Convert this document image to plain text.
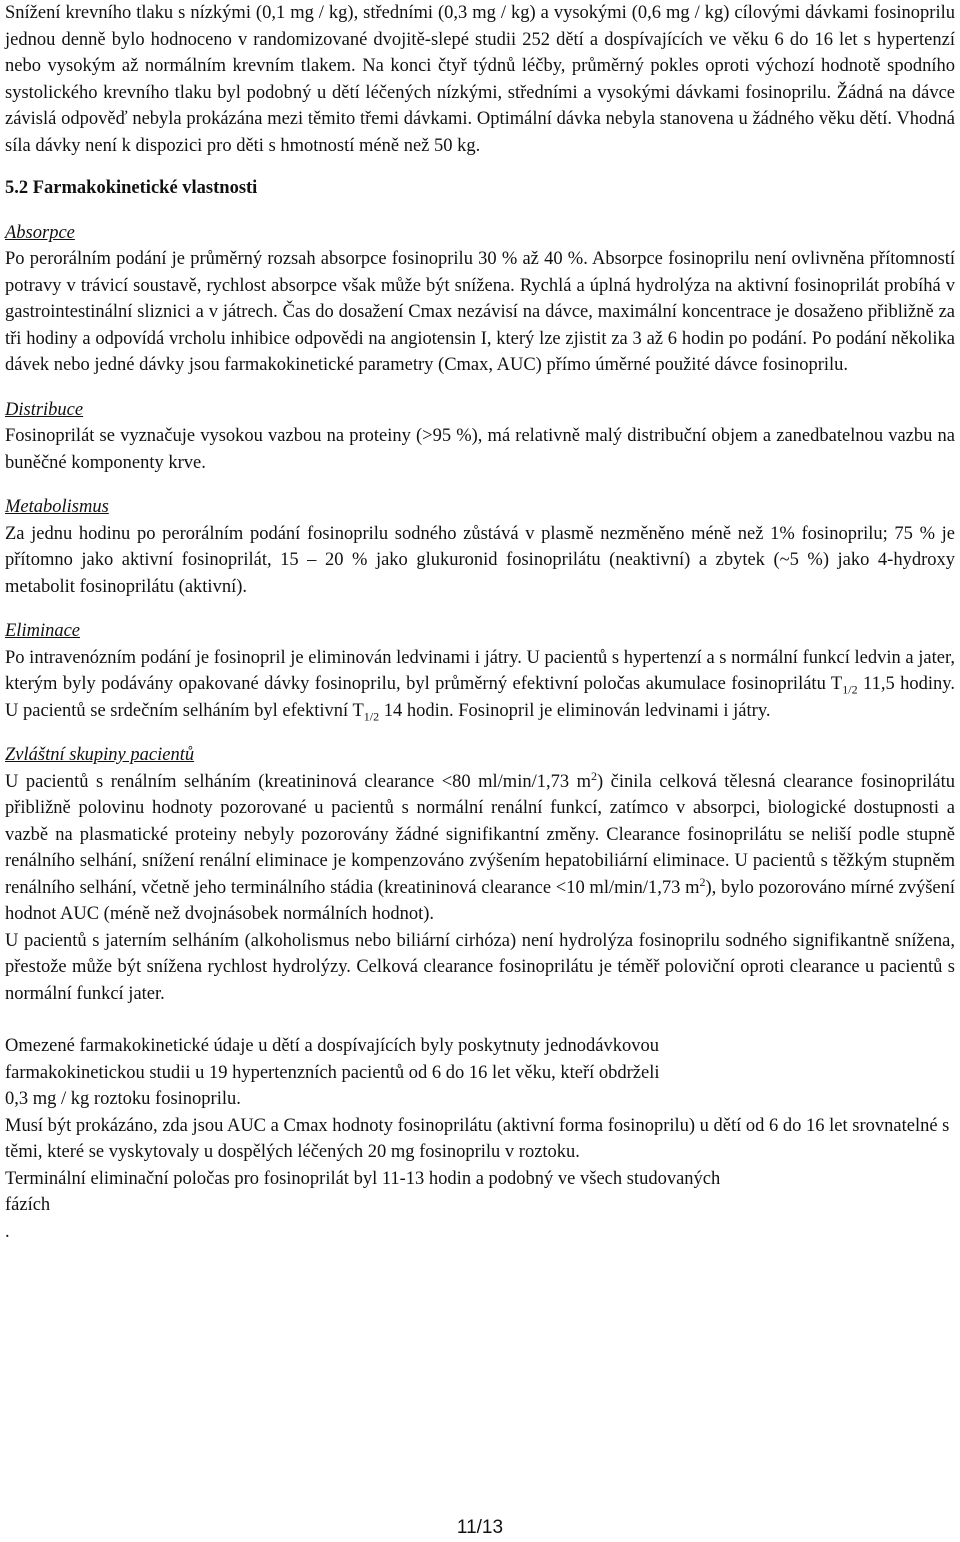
Snížení krevního tlaku s nízkými (0,1 mg / kg), středními (0,3 mg / kg) a vysokými (0,6 mg / kg) cílovými dávkami fosinoprilu jednou denně bylo hodnoceno v randomizované dvojitě-slepé studii 252 dětí a dospívajících ve věku 6 do 16 let s hypertenzí nebo vysokým až normálním krevním tlakem. Na konci čtyř týdnů léčby, průměrný pokles oproti výchozí hodnotě spodního systolického krevního tlaku byl podobný u dětí léčených nízkými, středními a vysokými dávkami fosinoprilu. Žádná na dávce závislá odpověď nebyla prokázána mezi těmito třemi dávkami. Optimální dávka nebyla stanovena u žádného věku dětí. Vhodná síla dávky není k dispozici pro děti s hmotností méně než 50 kg.

5.2 Farmakokinetické vlastnosti

Absorpce

Po perorálním podání je průměrný rozsah absorpce fosinoprilu 30 % až 40 %. Absorpce fosinoprilu není ovlivněna přítomností potravy v trávicí soustavě, rychlost absorpce však může být snížena. Rychlá a úplná hydrolýza na aktivní fosinoprilát probíhá v gastrointestinální sliznici a v játrech. Čas do dosažení Cmax nezávisí na dávce, maximální koncentrace je dosaženo přibližně za tři hodiny a odpovídá vrcholu inhibice odpovědi na angiotensin I, který lze zjistit za 3 až 6 hodin po podání. Po podání několika dávek nebo jedné dávky jsou farmakokinetické parametry (Cmax, AUC) přímo úměrné použité dávce fosinoprilu.

Distribuce

Fosinoprilát se vyznačuje vysokou vazbou na proteiny (>95 %), má relativně malý distribuční objem a zanedbatelnou vazbu na buněčné komponenty krve.

Metabolismus

Za jednu hodinu po perorálním podání fosinoprilu sodného zůstává v plasmě nezměněno méně než 1% fosinoprilu; 75 % je přítomno jako aktivní fosinoprilát, 15 – 20 % jako glukuronid fosinoprilátu (neaktivní) a zbytek (~5 %) jako 4-hydroxy metabolit fosinoprilátu (aktivní).

Eliminace

Po intravenózním podání je fosinopril je eliminován ledvinami i játry. U pacientů s hypertenzí a s normální funkcí ledvin a jater, kterým byly podávány opakované dávky fosinoprilu, byl průměrný efektivní poločas akumulace fosinoprilátu $T_{1/2}$ 11,5 hodiny. U pacientů se srdečním selháním byl efektivní $T_{1/2}$ 14 hodin. Fosinopril je eliminován ledvinami i játry.

Zvláštní skupiny pacientů

U pacientů s renálním selháním (kreatininová clearance <80 ml/min/1,73 $m^2$) činila celková tělesná clearance fosinoprilátu přibližně polovinu hodnoty pozorované u pacientů s normální renální funkcí, zatímco v absorpci, biologické dostupnosti a vazbě na plasmatické proteiny nebyly pozorovány žádné signifikantní změny. Clearance fosinoprilátu se neliší podle stupně renálního selhání, snížení renální eliminace je kompenzováno zvýšením hepatobiliární eliminace. U pacientů s těžkým stupněm renálního selhání, včetně jeho terminálního stádia (kreatininová clearance <10 ml/min/1,73 $m^2$), bylo pozorováno mírné zvýšení hodnot AUC (méně než dvojnásobek normálních hodnot).

U pacientů s jaterním selháním (alkoholismus nebo biliární cirhóza) není hydrolýza fosinoprilu sodného signifikantně snížena, přestože může být snížena rychlost hydrolýzy. Celková clearance fosinoprilátu je téměř poloviční oproti clearance u pacientů s normální funkcí jater.

Omezené farmakokinetické údaje u dětí a dospívajících byly poskytnuty jednodávkovou

farmakokinetickou studii u 19 hypertenzních pacientů od 6 do 16 let věku, kteří obdrželi

0,3 mg / kg roztoku fosinoprilu.

Musí být prokázáno, zda jsou AUC a Cmax hodnoty fosinoprilátu (aktivní forma fosinoprilu) u dětí od 6 do 16 let srovnatelné s těmi, které se vyskytovaly u dospělých léčených 20 mg fosinoprilu v roztoku.

Terminální eliminační poločas pro fosinoprilát byl 11-13 hodin a podobný ve všech studovaných

fázích

.

11/13
